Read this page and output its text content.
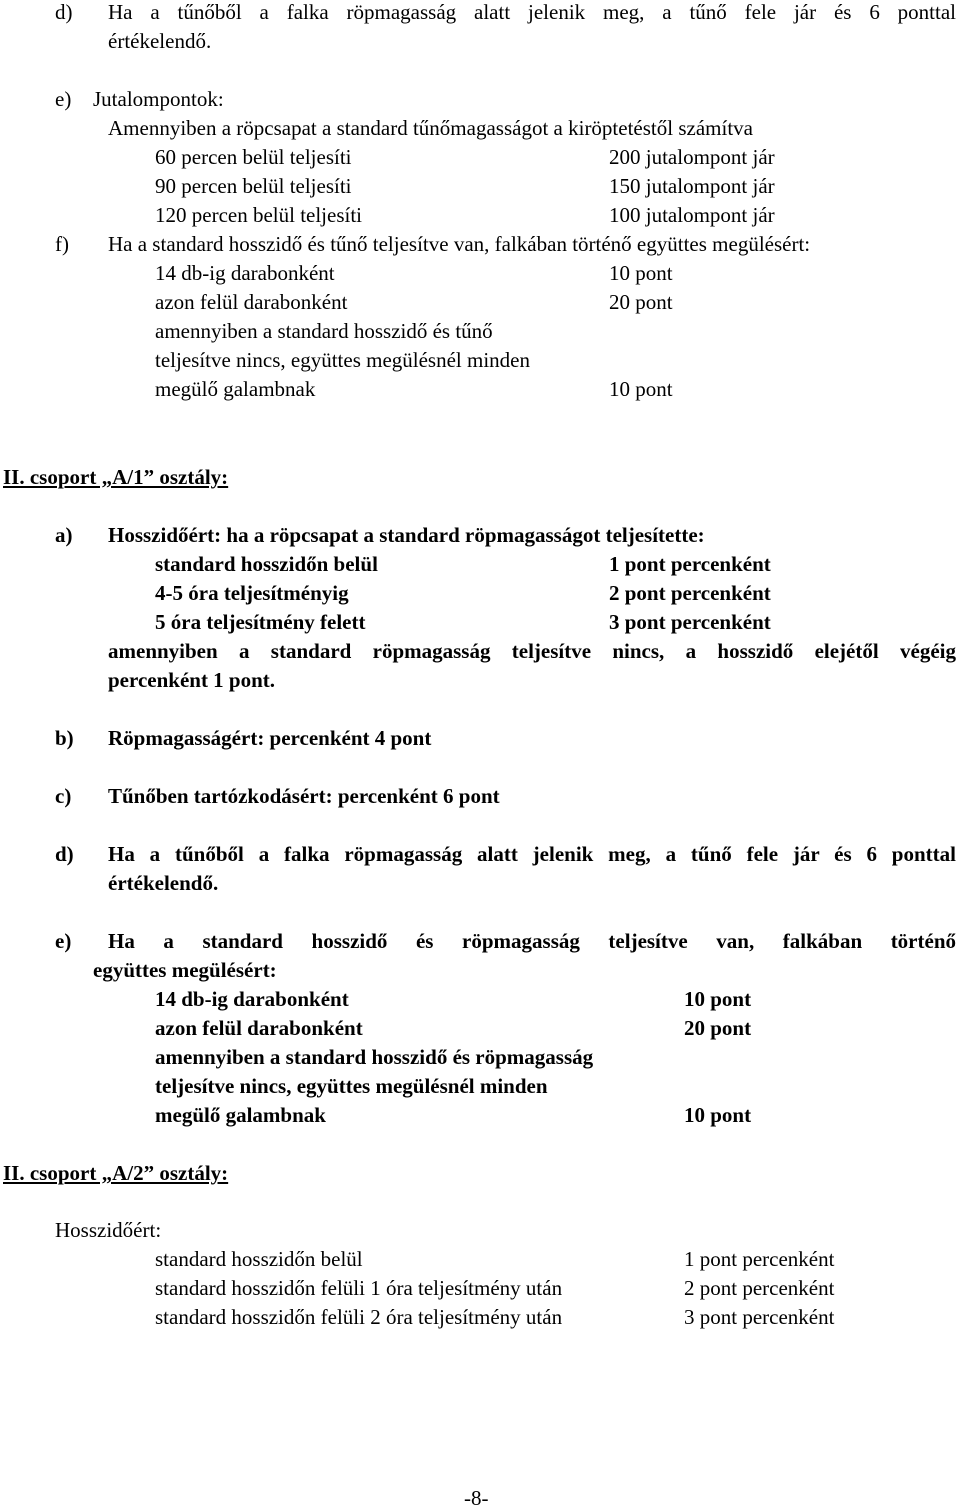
d) Ha a tűnőből a falka röpmagasság alatt jelenik meg, a tűnő fele jár és 6 ponttal
értékelendő.
e) Jutalompontok:
Amennyiben a röpcsapat a standard tűnőmagasságot a kiröptetéstől számítva
60 percen belül teljesíti	200 jutalompont jár
90 percen belül teljesíti	150 jutalompont jár
120 percen belül teljesíti	100 jutalompont jár
f) Ha a standard hosszidő és tűnő teljesítve van, falkában történő együttes megülésért:
14 db-ig darabonként	10 pont
azon felül darabonként	20 pont
amennyiben a standard hosszidő és tűnő
teljesítve nincs, együttes megülésnél minden
megülő galambnak	10 pont
II. csoport „A/1” osztály:
a) Hosszidőért: ha a röpcsapat a standard röpmagasságot teljesítette:
standard hosszidőn belül	1 pont percenként
4-5 óra teljesítményig	2 pont percenként
5 óra teljesítmény felett	3 pont percenként
amennyiben a standard röpmagasság teljesítve nincs, a hosszidő elejétől végéig
percenként 1 pont.
b) Röpmagasságért: percenként 4 pont
c) Tűnőben tartózkodásért: percenként 6 pont
d) Ha a tűnőből a falka röpmagasság alatt jelenik meg, a tűnő fele jár és 6 ponttal
értékelendő.
e) Ha a standard hosszidő és röpmagasság teljesítve van, falkában történő
együttes megülésért:
14 db-ig darabonként	10 pont
azon felül darabonként	20 pont
amennyiben a standard hosszidő és röpmagasság
teljesítve nincs, együttes megülésnél minden
megülő galambnak	10 pont
II. csoport „A/2” osztály:
Hosszidőért:
standard hosszidőn belül	1 pont percenként
standard hosszidőn felüli 1 óra teljesítmény után	2 pont percenként
standard hosszidőn felüli 2 óra teljesítmény után	3 pont percenként
-8-
